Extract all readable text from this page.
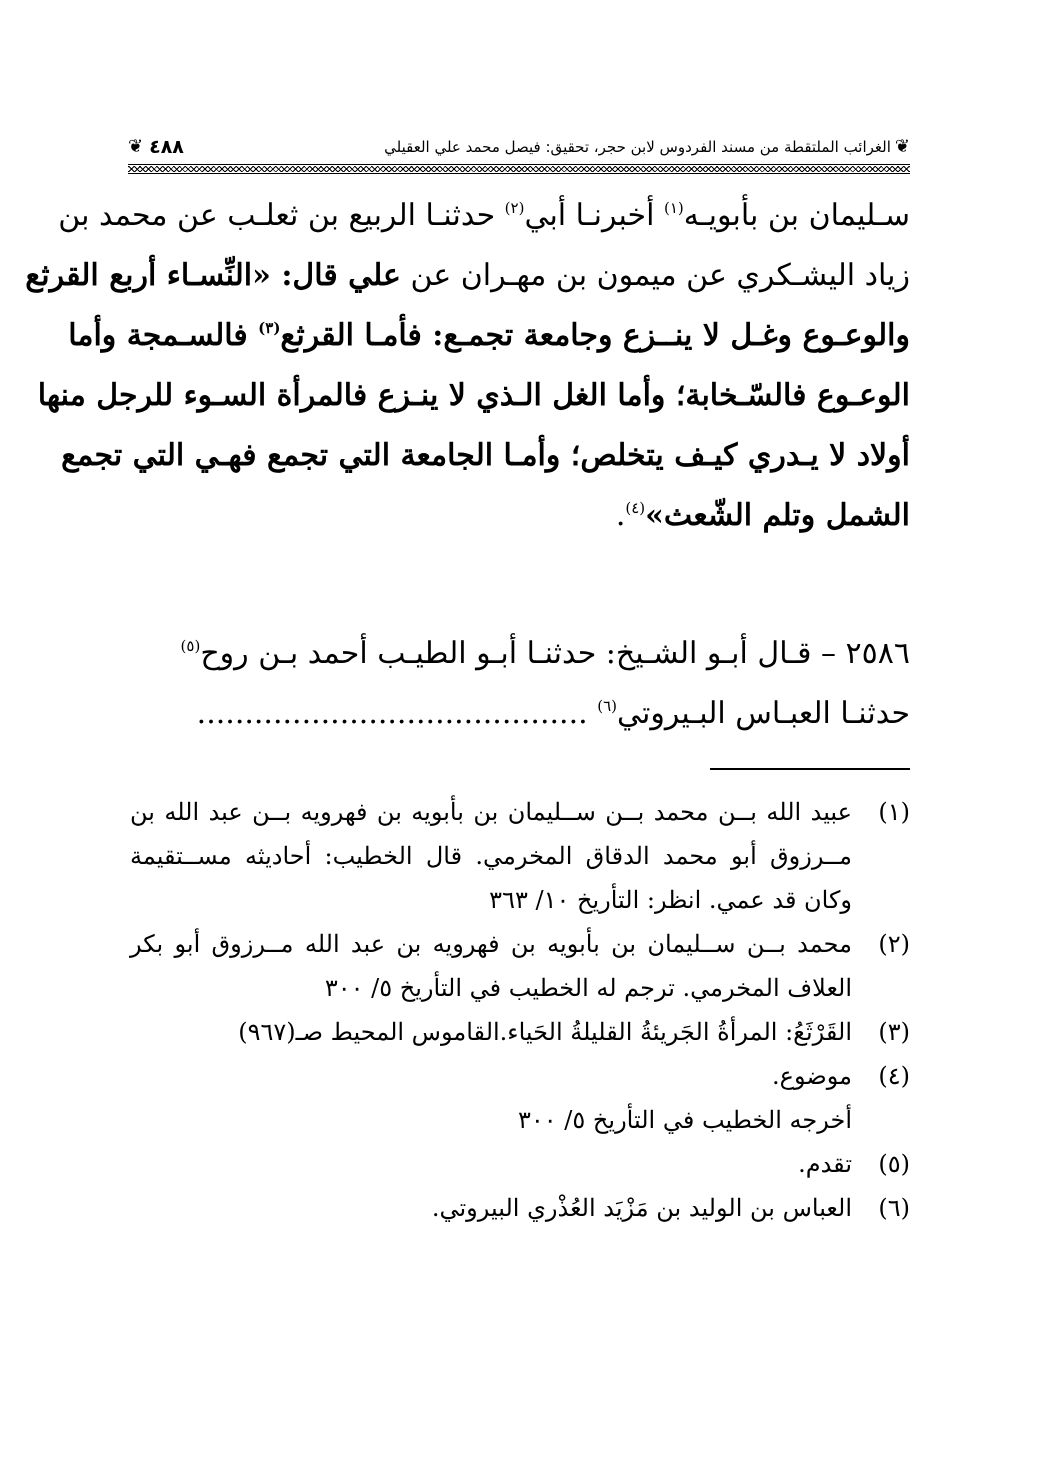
❦
الغرائب الملتقطة من مسند الفردوس لابن حجر، تحقيق: فيصل محمد علي العقيلي
٤٨٨
❦
سـليمان بن بأبويـه$^{(١)}$ أخبرنـا أبي$^{(٢)}$ حدثنـا الربيع بن ثعلـب عن محمد بن
زياد اليشـكري عن ميمون بن مهـران عن علي قال: «النِّسـاء أربع القرثع
والوعـوع وغـل لا ينــزع وجامعة تجمـع: فأمـا القرثع$^{(٣)}$ فالسـمجة وأما
الوعـوع فالسّـخابة؛ وأما الغل الـذي لا ينـزع فالمرأة السـوء للرجل منها
أولاد لا يـدري كيـف يتخلص؛ وأمـا الجامعة التي تجمع فهـي التي تجمع
الشمل وتلم الشّعث»$^{(٤)}$.
٢٥٨٦ – قـال أبـو الشـيخ: حدثنـا أبـو الطيـب أحمد بـن روح$^{(٥)}$
حدثنـا العبـاس البـيروتي$^{(٦)}$ .........................................
(١)
عبيد الله بــن محمد بــن ســليمان بن بأبويه بن فهرويه بــن عبد الله بن
مــرزوق أبو محمد الدقاق المخرمي. قال الخطيب: أحاديثه مســتقيمة
وكان قد عمي. انظر: التأريخ ١٠/ ٣٦٣
(٢)
محمد بــن ســليمان بن بأبويه بن فهرويه بن عبد الله مــرزوق أبو بكر
العلاف المخرمي. ترجم له الخطيب في التأريخ ٥/ ٣٠٠
(٣)
القَرْثَعُ: المرأةُ الجَريئةُ القليلةُ الحَياء.القاموس المحيط صـ(٩٦٧)
(٤)
موضوع.
أخرجه الخطيب في التأريخ ٥/ ٣٠٠
(٥)
تقدم.
(٦)
العباس بن الوليد بن مَزْيَد العُذْري البيروتي.
